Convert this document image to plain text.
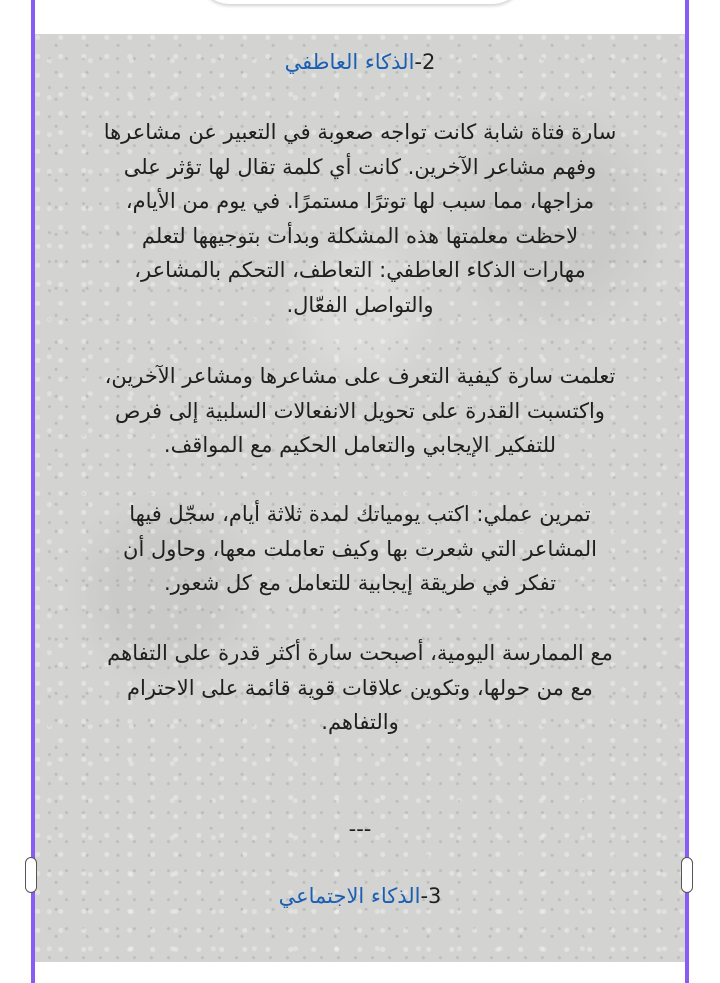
2-الذكاء العاطفي
سارة فتاة شابة كانت تواجه صعوبة في التعبير عن مشاعرها
وفهم مشاعر الآخرين. كانت أي كلمة تقال لها تؤثر على
مزاجها، مما سبب لها توترًا مستمرًا. في يوم من الأيام،
لاحظت معلمتها هذه المشكلة وبدأت بتوجيهها لتعلم
مهارات الذكاء العاطفي: التعاطف، التحكم بالمشاعر،
والتواصل الفعّال.
تعلمت سارة كيفية التعرف على مشاعرها ومشاعر الآخرين،
واكتسبت القدرة على تحويل الانفعالات السلبية إلى فرص
للتفكير الإيجابي والتعامل الحكيم مع المواقف.
تمرين عملي: اكتب يومياتك لمدة ثلاثة أيام، سجّل فيها
المشاعر التي شعرت بها وكيف تعاملت معها، وحاول أن
تفكر في طريقة إيجابية للتعامل مع كل شعور.
مع الممارسة اليومية، أصبحت سارة أكثر قدرة على التفاهم
مع من حولها، وتكوين علاقات قوية قائمة على الاحترام
والتفاهم.
---
3-الذكاء الاجتماعي
